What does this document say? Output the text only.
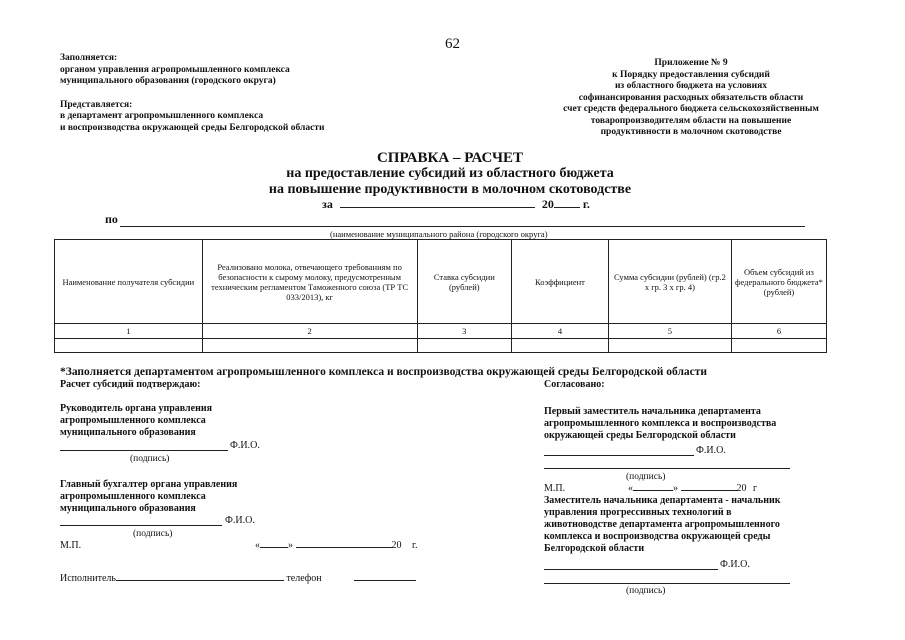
62
Заполняется:
органом управления агропромышленного комплекса
муниципального образования (городского округа)
Представляется:
в департамент агропромышленного комплекса
и воспроизводства окружающей среды Белгородской области
Приложение № 9
к Порядку предоставления субсидий
из областного бюджета на условиях
софинансирования расходных обязательств области
счет средств федерального бюджета сельскохозяйственным
товаропроизводителям области на повышение
продуктивности в молочном скотоводстве
СПРАВКА – РАСЧЕТ
на предоставление субсидий из областного бюджета
на повышение продуктивности в молочном скотоводстве
за	20 г.
по
(наименование муниципального района (городского округа)
Наименование получателя субсидии	Реализовано молока, отвечающего требованиям по безопасности к сырому молоку, предусмотренным техническим регламентом Таможенного союза (ТР ТС 033/2013), кг	Ставка субсидии (рублей)	Коэффициент	Сумма субсидии (рублей) (гр.2 x гр. 3 x гр. 4)	Объем субсидий из федерального бюджета* (рублей)
1	2	3	4	5	6

*Заполняется департаментом агропромышленного комплекса и воспроизводства окружающей среды Белгородской области
Расчет субсидий подтверждаю:
Руководитель органа управления
агропромышленного комплекса
муниципального образования
Ф.И.О.
(подпись)
Главный бухгалтер органа управления
агропромышленного комплекса
муниципального образования
Ф.И.О.
(подпись)
М.П.	«	»	20 г.
Исполнитель	телефон
Согласовано:
Первый заместитель начальника департамента
агропромышленного комплекса и воспроизводства
окружающей среды Белгородской области
Ф.И.О.
(подпись)
М.П.	«	»	20 г
Заместитель начальника департамента - начальник
управления прогрессивных технологий в
животноводстве департамента агропромышленного
комплекса и воспроизводства окружающей среды
Белгородской области
Ф.И.О.
(подпись)
